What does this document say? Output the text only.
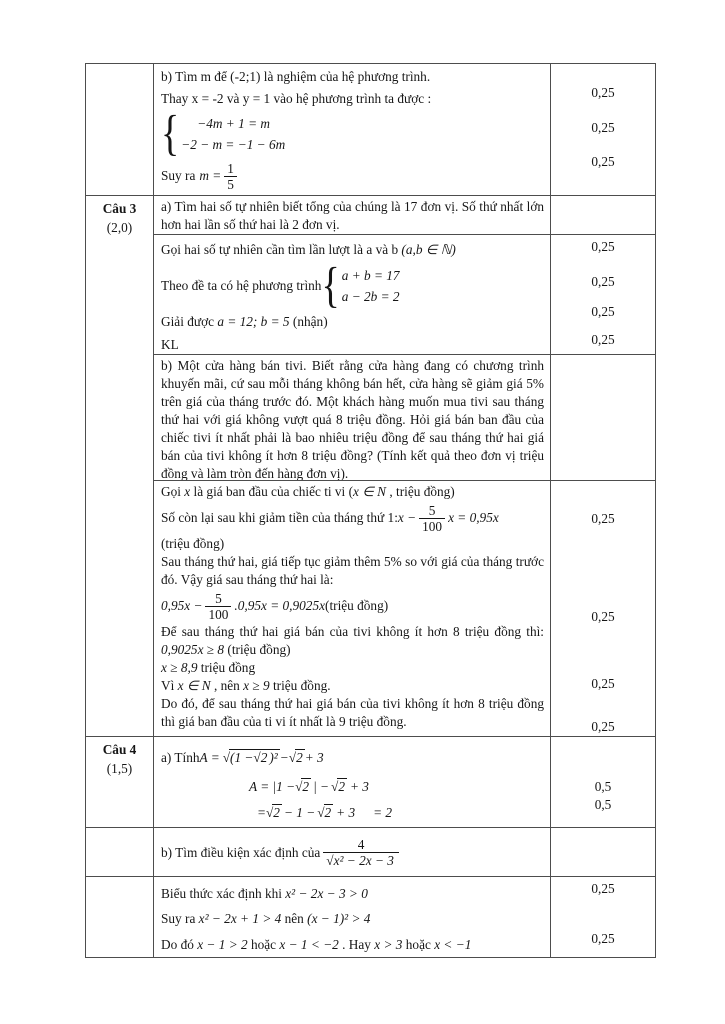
b) Tìm m để (-2;1) là nghiệm của hệ phương trình.
Thay x = -2 và y = 1 vào hệ phương trình ta được :
{ −4m + 1 = m
−2 − m = −1 − 6m
Suy ra $m = \frac{1}{5}$
0,25
0,25
0,25
Câu 3
(2,0)
a) Tìm hai số tự nhiên biết tổng của chúng là 17 đơn vị. Số thứ nhất lớn hơn hai lần số thứ hai là 2 đơn vị.
Gọi hai số tự nhiên cần tìm lần lượt là a và b (a,b ∈ ℕ)
Theo đề ta có hệ phương trình { a + b = 17
a − 2b = 2
Giải được a = 12; b = 5 (nhận)
KL
0,25
0,25
0,25
0,25
b) Một cửa hàng bán tivi. Biết rằng cửa hàng đang có chương trình khuyến mãi, cứ sau mỗi tháng không bán hết, cửa hàng sẽ giảm giá 5% trên giá của tháng trước đó. Một khách hàng muốn mua tivi sau tháng thứ hai với giá không vượt quá 8 triệu đồng. Hỏi giá bán ban đầu của chiếc tivi ít nhất phải là bao nhiêu triệu đồng để sau tháng thứ hai giá bán của tivi không ít hơn 8 triệu đồng? (Tính kết quả theo đơn vị triệu đồng và làm tròn đến hàng đơn vị).
Gọi x là giá ban đầu của chiếc ti vi (x ∈ N , triệu đồng)
Số còn lại sau khi giảm tiền của tháng thứ 1: $x - \frac{5}{100}$ x = 0,95x
(triệu đồng)
Sau tháng thứ hai, giá tiếp tục giảm thêm 5% so với giá của tháng trước đó. Vậy giá sau tháng thứ hai là:
$0,95x - \frac{5}{100} .0,95x = 0,9025x$ (triệu đồng)
Để sau tháng thứ hai giá bán của tivi không ít hơn 8 triệu đồng thì: 0,9025x ≥ 8 (triệu đồng)
x ≥ 8,9 triệu đồng
Vì x ∈ N , nên x ≥ 9 triệu đồng.
Do đó, để sau tháng thứ hai giá bán của tivi không ít hơn 8 triệu đồng thì giá ban đầu của ti vi ít nhất là 9 triệu đồng.
0,25
0,25
0,25
0,25
Câu 4
(1,5)
a) Tính A = √(1 −√2 )² − √2 + 3
A = |1 − √2 | − √2 + 3
= √2 − 1 − √2 + 3 = 2
0,5
0,5
b) Tìm điều kiện xác định của $\frac{4}{\text{√x² − 2x − 3}}$
Biểu thức xác định khi x² − 2x − 3 > 0
Suy ra x² − 2x + 1 > 4 nên (x − 1)² > 4
Do đó x − 1 > 2 hoặc x − 1 < −2 . Hay x > 3 hoặc x < −1
0,25
0,25
